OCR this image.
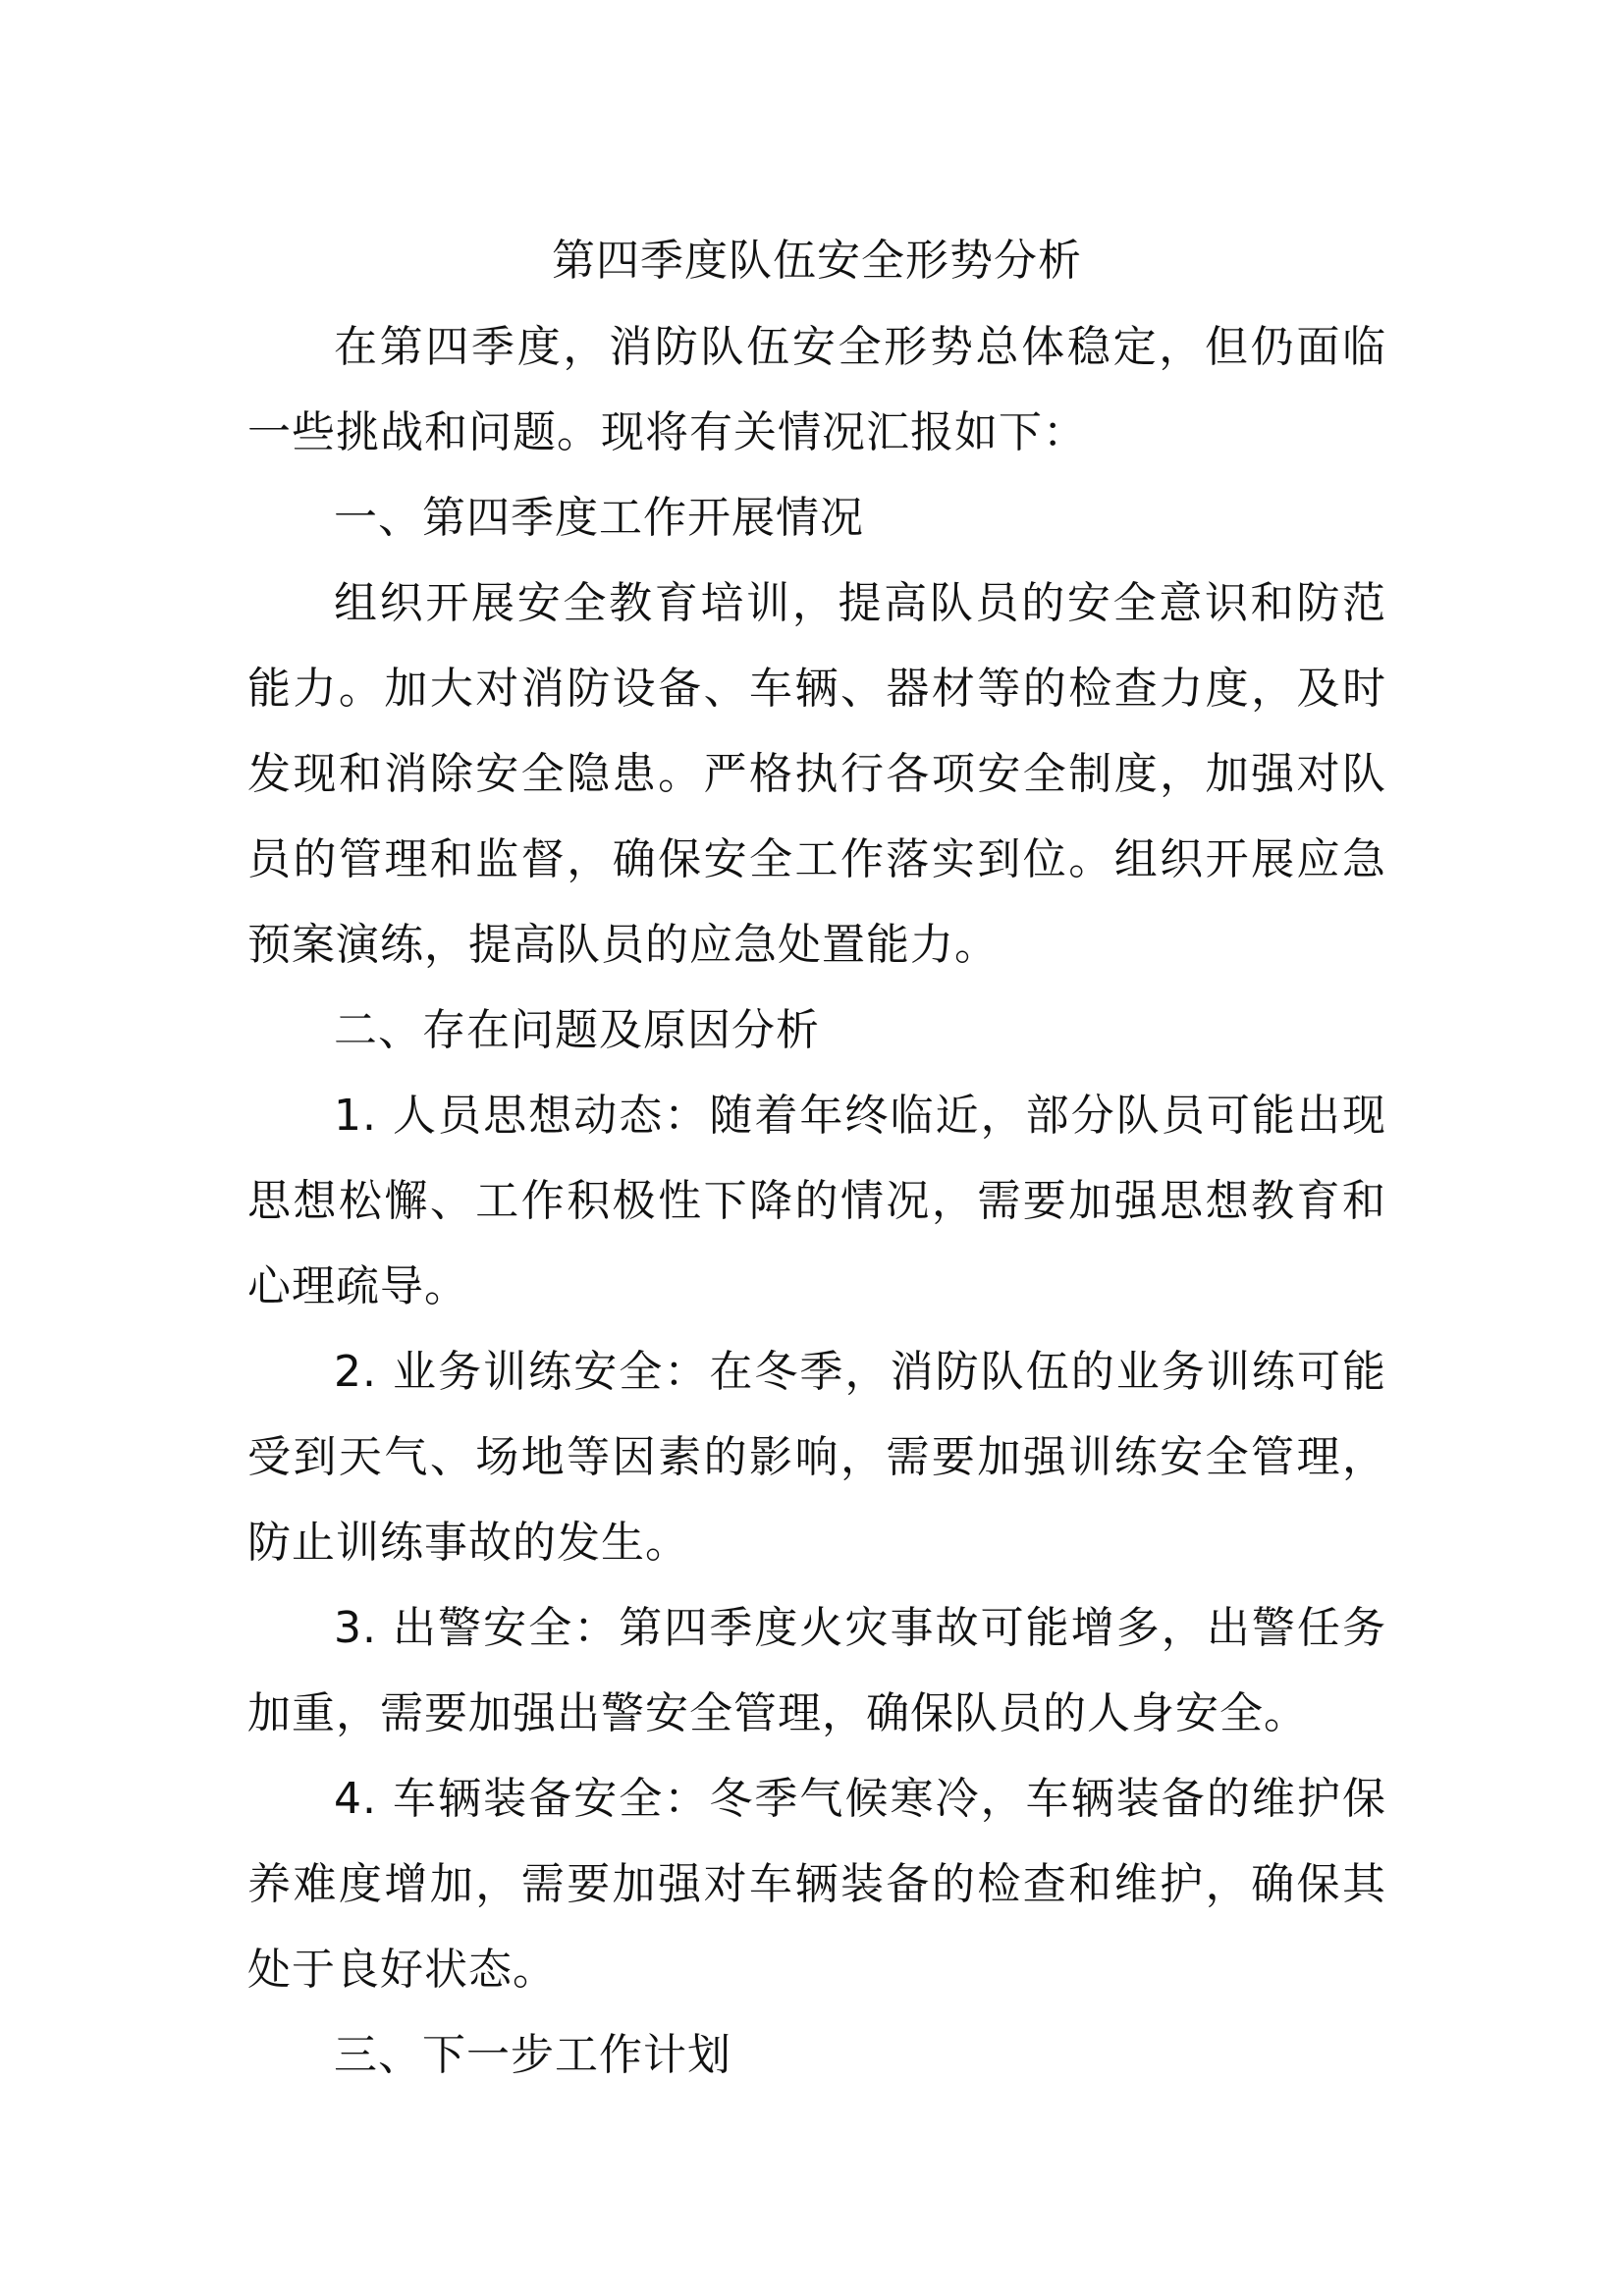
第四季度队伍安全形势分析

在第四季度，消防队伍安全形势总体稳定，但仍面临一些挑战和问题。现将有关情况汇报如下：

一、第四季度工作开展情况

组织开展安全教育培训，提高队员的安全意识和防范能力。加大对消防设备、车辆、器材等的检查力度，及时发现和消除安全隐患。严格执行各项安全制度，加强对队员的管理和监督，确保安全工作落实到位。组织开展应急预案演练，提高队员的应急处置能力。

二、存在问题及原因分析

1. 人员思想动态：随着年终临近，部分队员可能出现思想松懈、工作积极性下降的情况，需要加强思想教育和心理疏导。

2. 业务训练安全：在冬季，消防队伍的业务训练可能受到天气、场地等因素的影响，需要加强训练安全管理，防止训练事故的发生。

3. 出警安全：第四季度火灾事故可能增多，出警任务加重，需要加强出警安全管理，确保队员的人身安全。

4. 车辆装备安全：冬季气候寒冷，车辆装备的维护保养难度增加，需要加强对车辆装备的检查和维护，确保其处于良好状态。

三、下一步工作计划
